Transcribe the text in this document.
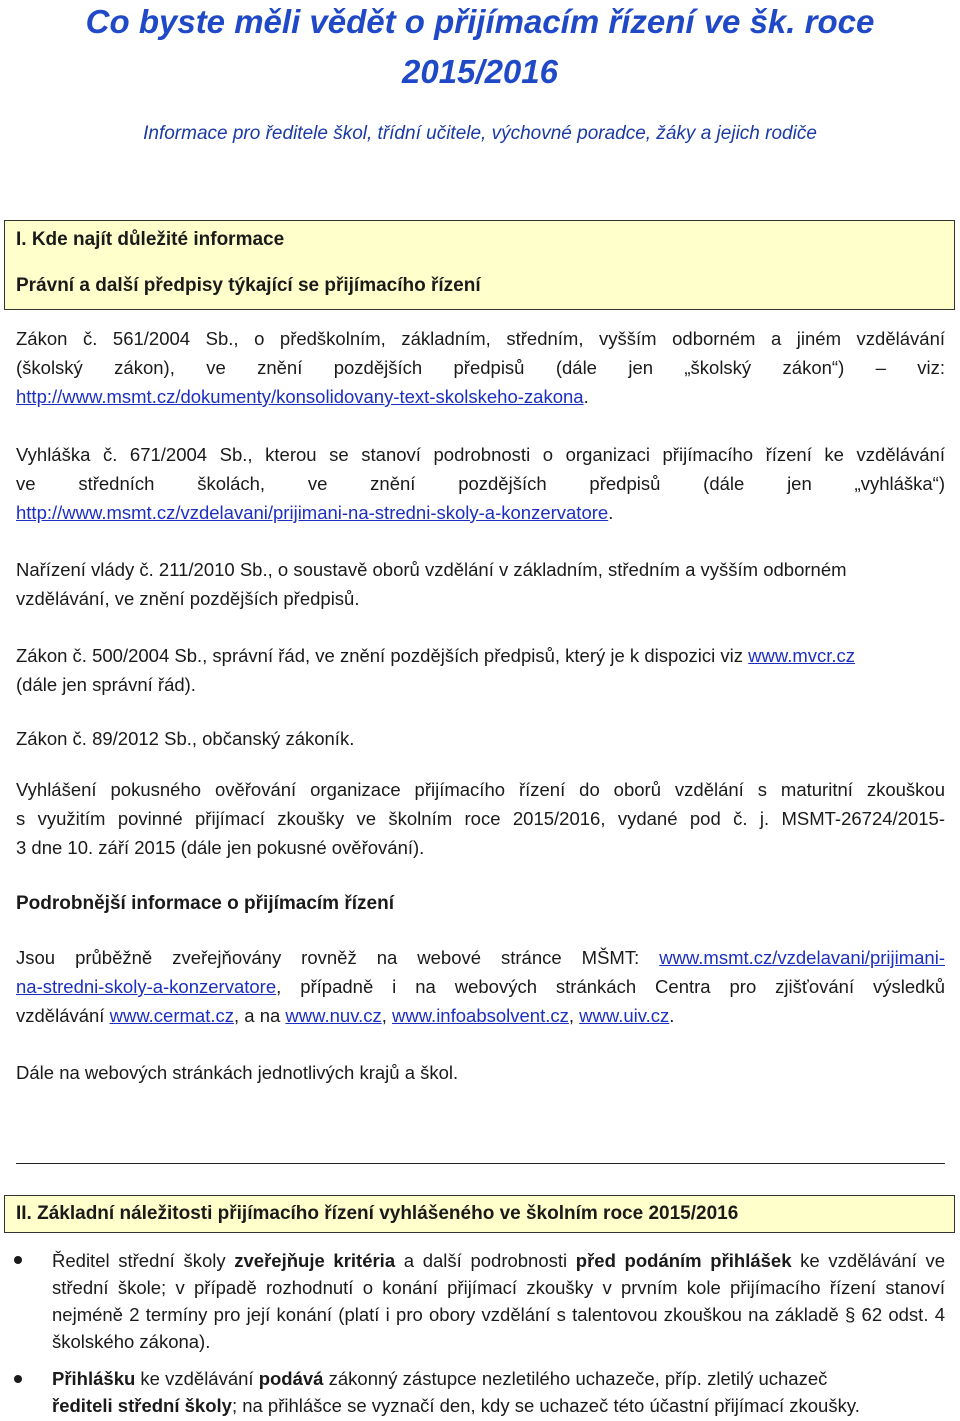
Co byste měli vědět o přijímacím řízení ve šk. roce
2015/2016
Informace pro ředitele škol, třídní učitele, výchovné poradce, žáky a jejich rodiče
I. Kde najít důležité informace
Právní a další předpisy týkající se přijímacího řízení
Zákon č. 561/2004 Sb., o předškolním, základním, středním, vyšším odborném a jiném vzdělávání
(školský zákon), ve znění pozdějších předpisů (dále jen „školský zákon“) – viz:
http://www.msmt.cz/dokumenty/konsolidovany-text-skolskeho-zakona.
Vyhláška č. 671/2004 Sb., kterou se stanoví podrobnosti o organizaci přijímacího řízení ke vzdělávání
ve středních školách, ve znění pozdějších předpisů (dále jen „vyhláška“)
http://www.msmt.cz/vzdelavani/prijimani-na-stredni-skoly-a-konzervatore.
Nařízení vlády č. 211/2010 Sb., o soustavě oborů vzdělání v základním, středním a vyšším odborném
vzdělávání, ve znění pozdějších předpisů.
Zákon č. 500/2004 Sb., správní řád, ve znění pozdějších předpisů, který je k dispozici viz www.mvcr.cz
(dále jen správní řád).
Zákon č. 89/2012 Sb., občanský zákoník.
Vyhlášení pokusného ověřování organizace přijímacího řízení do oborů vzdělání s maturitní zkouškou
s využitím povinné přijímací zkoušky ve školním roce 2015/2016, vydané pod č. j. MSMT-26724/2015-
3 dne 10. září 2015 (dále jen pokusné ověřování).
Podrobnější informace o přijímacím řízení
Jsou průběžně zveřejňovány rovněž na webové stránce MŠMT: www.msmt.cz/vzdelavani/prijimani-
na-stredni-skoly-a-konzervatore, případně i na webových stránkách Centra pro zjišťování výsledků
vzdělávání www.cermat.cz, a na www.nuv.cz, www.infoabsolvent.cz, www.uiv.cz.
Dále na webových stránkách jednotlivých krajů a škol.
II. Základní náležitosti přijímacího řízení vyhlášeného ve školním roce 2015/2016
Ředitel střední školy zveřejňuje kritéria a další podrobnosti před podáním přihlášek ke vzdělávání ve střední škole; v případě rozhodnutí o konání přijímací zkoušky v prvním kole přijímacího řízení stanoví nejméně 2 termíny pro její konání (platí i pro obory vzdělání s talentovou zkouškou na základě § 62 odst. 4 školského zákona).
Přihlášku ke vzdělávání podává zákonný zástupce nezletilého uchazeče, příp. zletilý uchazeč
řediteli střední školy; na přihlášce se vyznačí den, kdy se uchazeč této účastní přijímací zkoušky.
